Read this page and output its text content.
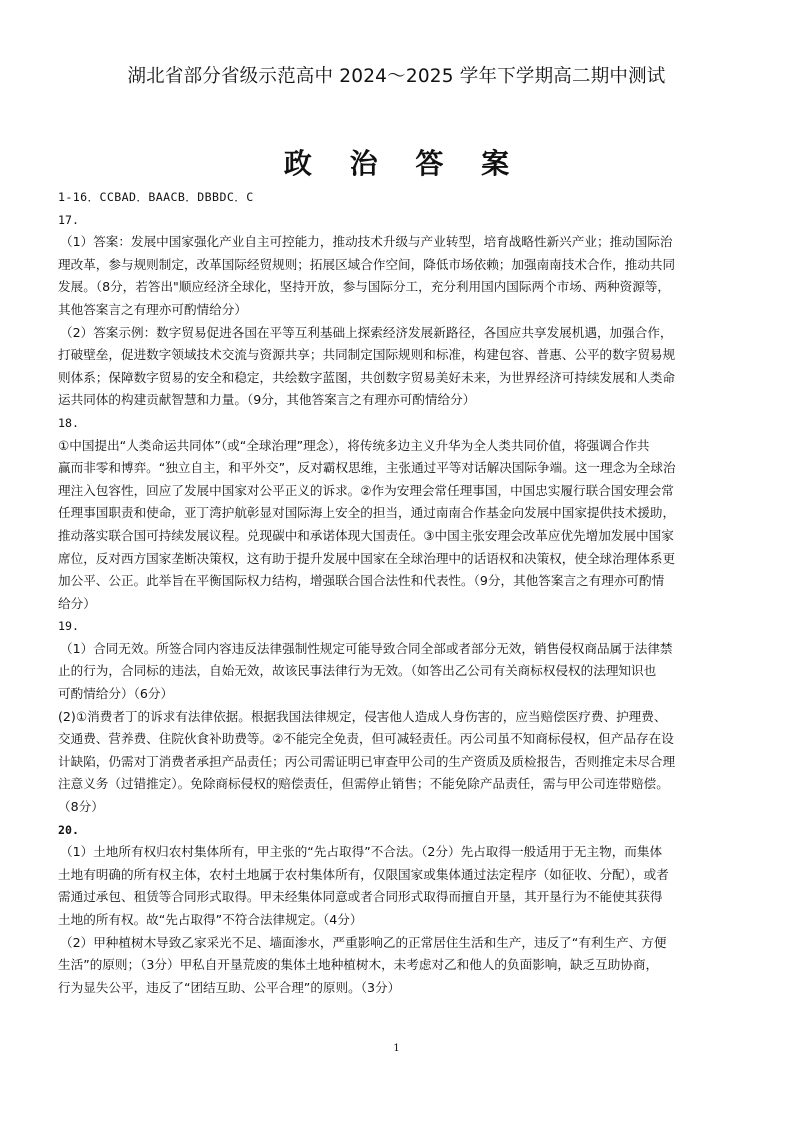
湖北省部分省级示范高中 2024～2025 学年下学期高二期中测试
政 治 答 案
1-16．CCBAD．BAACB．DBBDC．C
17.
（1）答案：发展中国家强化产业自主可控能力，推动技术升级与产业转型，培育战略性新兴产业；推动国际治
理改革，参与规则制定，改革国际经贸规则；拓展区域合作空间，降低市场依赖；加强南南技术合作，推动共同
发展。（8分，若答出"顺应经济全球化，坚持开放，参与国际分工，充分利用国内国际两个市场、两种资源等，
其他答案言之有理亦可酌情给分）
（2）答案示例：数字贸易促进各国在平等互利基础上探索经济发展新路径，各国应共享发展机遇，加强合作，
打破壁垒，促进数字领域技术交流与资源共享；共同制定国际规则和标准，构建包容、普惠、公平的数字贸易规
则体系；保障数字贸易的安全和稳定，共绘数字蓝图，共创数字贸易美好未来，为世界经济可持续发展和人类命
运共同体的构建贡献智慧和力量。（9分，其他答案言之有理亦可酌情给分）
18.
①中国提出“人类命运共同体”（或“全球治理”理念），将传统多边主义升华为全人类共同价值，将强调合作共
赢而非零和博弈。“独立自主，和平外交”，反对霸权思维，主张通过平等对话解决国际争端。这一理念为全球治
理注入包容性，回应了发展中国家对公平正义的诉求。②作为安理会常任理事国，中国忠实履行联合国安理会常
任理事国职责和使命，亚丁湾护航彰显对国际海上安全的担当，通过南南合作基金向发展中国家提供技术援助，
推动落实联合国可持续发展议程。兑现碳中和承诺体现大国责任。③中国主张安理会改革应优先增加发展中国家
席位，反对西方国家垄断决策权，这有助于提升发展中国家在全球治理中的话语权和决策权，使全球治理体系更
加公平、公正。此举旨在平衡国际权力结构，增强联合国合法性和代表性。（9分，其他答案言之有理亦可酌情
给分）
19.
（1）合同无效。所签合同内容违反法律强制性规定可能导致合同全部或者部分无效，销售侵权商品属于法律禁
止的行为，合同标的违法，自始无效，故该民事法律行为无效。（如答出乙公司有关商标权侵权的法理知识也
可酌情给分）（6分）
(2)①消费者丁的诉求有法律依据。根据我国法律规定，侵害他人造成人身伤害的，应当赔偿医疗费、护理费、
交通费、营养费、住院伙食补助费等。②不能完全免责，但可减轻责任。丙公司虽不知商标侵权，但产品存在设
计缺陷，仍需对丁消费者承担产品责任；丙公司需证明已审查甲公司的生产资质及质检报告，否则推定未尽合理
注意义务（过错推定）。免除商标侵权的赔偿责任，但需停止销售；不能免除产品责任，需与甲公司连带赔偿。
（8分）
20.
（1）土地所有权归农村集体所有，甲主张的“先占取得”不合法。（2分）先占取得一般适用于无主物，而集体
土地有明确的所有权主体，农村土地属于农村集体所有，仅限国家或集体通过法定程序（如征收、分配），或者
需通过承包、租赁等合同形式取得。甲未经集体同意或者合同形式取得而擅自开垦，其开垦行为不能使其获得
土地的所有权。故“先占取得”不符合法律规定。（4分）
（2）甲种植树木导致乙家采光不足、墙面渗水，严重影响乙的正常居住生活和生产，违反了“有利生产、方便
生活”的原则；（3分）甲私自开垦荒废的集体土地种植树木，未考虑对乙和他人的负面影响，缺乏互助协商，
行为显失公平，违反了“团结互助、公平合理”的原则。（3分）
1
